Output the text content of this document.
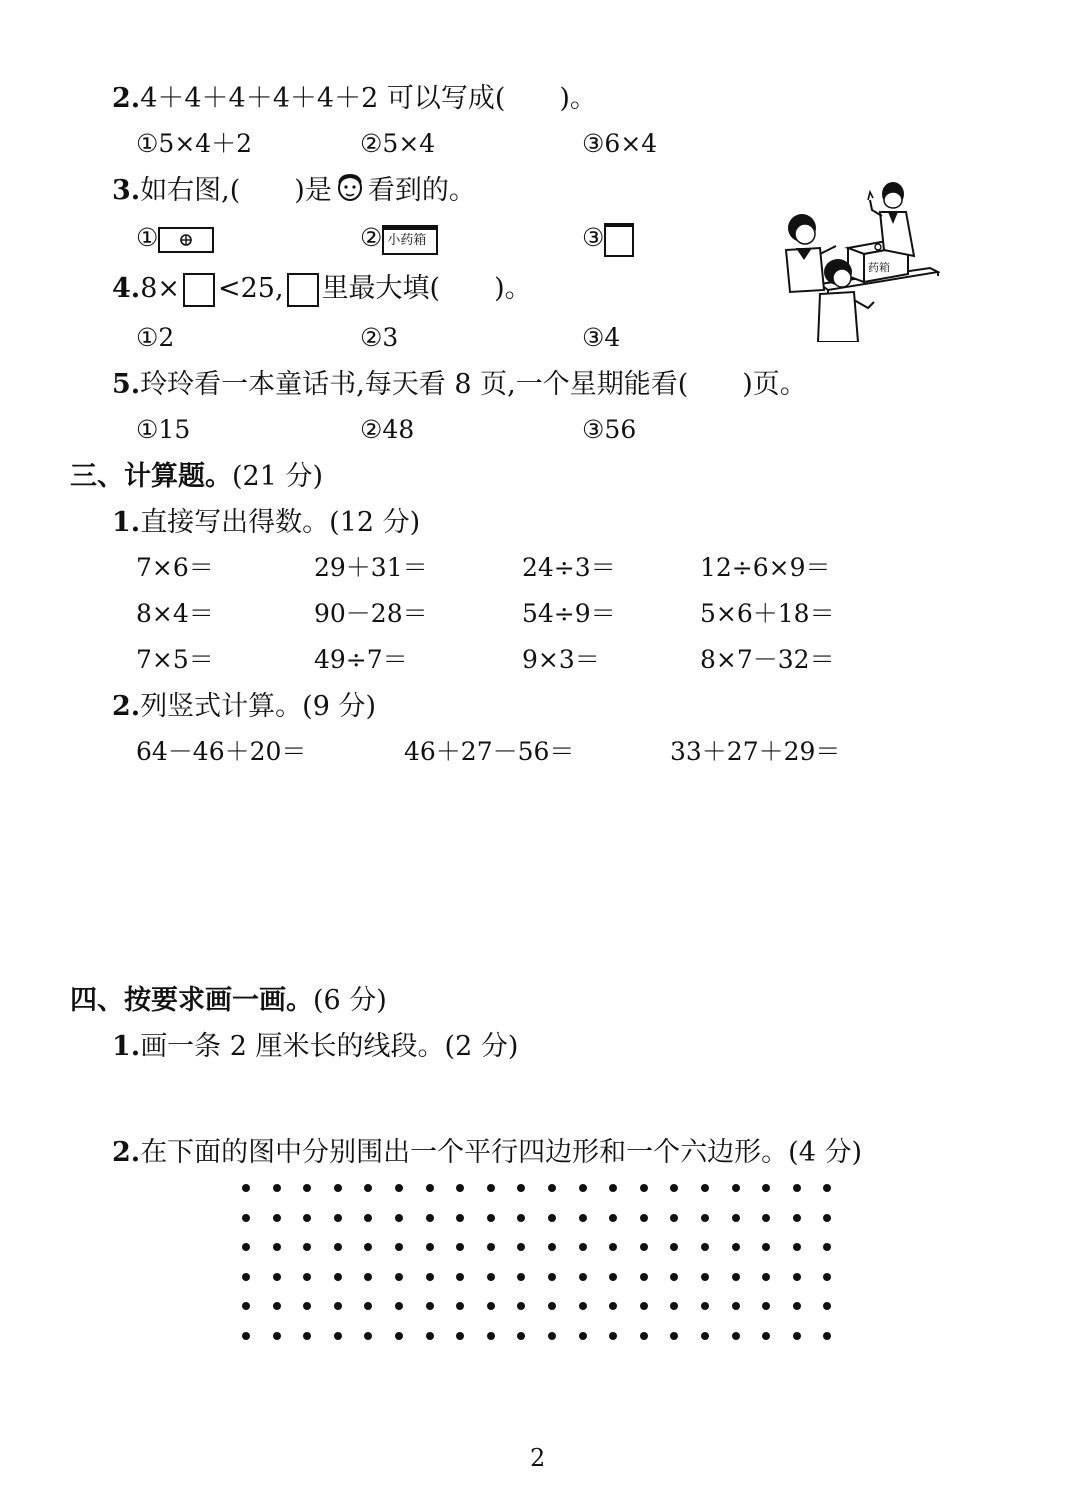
2.4＋4＋4＋4＋4＋2 可以写成(　　)。
①5×4＋2	②5×4	③6×4
3.如右图,(　　)是 看到的。
①	② 小药箱	③
药箱
4.8× <25, 里最大填(　　)。
①2	②3	③4
5.玲玲看一本童话书,每天看 8 页,一个星期能看(　　)页。
①15	②48	③56
三、计算题。(21 分)
1.直接写出得数。(12 分)
7×6＝	29＋31＝	24÷3＝	12÷6×9＝
8×4＝	90－28＝	54÷9＝	5×6＋18＝
7×5＝	49÷7＝	9×3＝	8×7－32＝
2.列竖式计算。(9 分)
64－46＋20＝	46＋27－56＝	33＋27＋29＝
四、按要求画一画。(6 分)
1.画一条 2 厘米长的线段。(2 分)
2.在下面的图中分别围出一个平行四边形和一个六边形。(4 分)
2
